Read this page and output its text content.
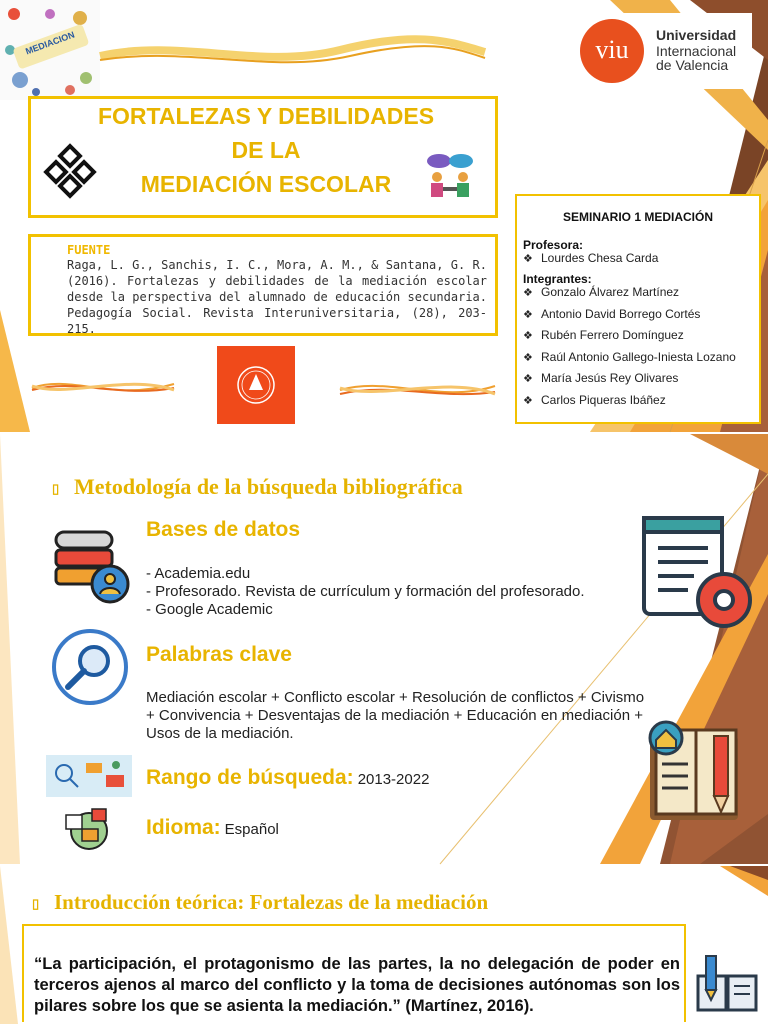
MEDIACION	viu	Universidad
Internacional
de Valencia
FORTALEZAS Y DEBILIDADES
DE LA
MEDIACIÓN ESCOLAR
FUENTE
Raga, L. G., Sanchis, I. C., Mora, A. M., & Santana, G. R. (2016). Fortalezas y debilidades de la mediación escolar desde la perspectiva del alumnado de educación secundaria. Pedagogía Social. Revista Interuniversitaria, (28), 203-215.
SEMINARIO 1 MEDIACIÓN
Profesora:
❖ Lourdes Chesa Carda
Integrantes:
❖ Gonzalo Álvarez Martínez
❖ Antonio David Borrego Cortés
❖ Rubén Ferrero Domínguez
❖ Raúl Antonio Gallego-Iniesta Lozano
❖ María Jesús Rey Olivares
❖ Carlos Piqueras Ibáñez
▯ Metodología de la búsqueda bibliográfica
Bases de datos
- Academia.edu
- Profesorado. Revista de currículum y formación del profesorado.
- Google Academic
Palabras clave
Mediación escolar + Conflicto escolar + Resolución de conflictos + Civismo + Convivencia + Desventajas de la mediación + Educación en mediación + Usos de la mediación.
Rango de búsqueda: 2013-2022
Idioma: Español
▯ Introducción teórica: Fortalezas de la mediación
“La participación, el protagonismo de las partes, la no delegación de poder en terceros ajenos al marco del conflicto y la toma de decisiones autónomas son los pilares sobre los que se asienta la mediación.” (Martínez, 2016).
